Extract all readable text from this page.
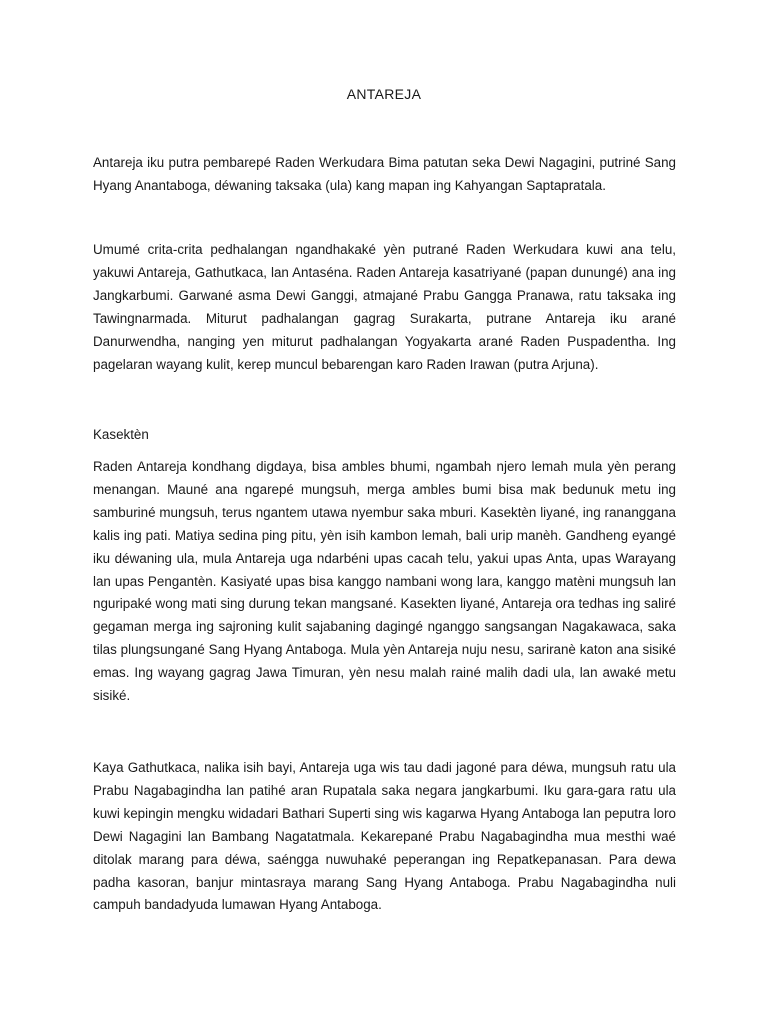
ANTAREJA

Antareja iku putra pembarepé Raden Werkudara Bima patutan seka Dewi Nagagini, putriné Sang Hyang Anantaboga, déwaning taksaka (ula) kang mapan ing Kahyangan Saptapratala.

Umumé crita-crita pedhalangan ngandhakaké yèn putrané Raden Werkudara kuwi ana telu, yakuwi Antareja, Gathutkaca, lan Antaséna. Raden Antareja kasatriyané (papan dunungé) ana ing Jangkarbumi. Garwané asma Dewi Ganggi, atmajané Prabu Gangga Pranawa, ratu taksaka ing Tawingnarmada. Miturut padhalangan gagrag Surakarta, putrane Antareja iku arané Danurwendha, nanging yen miturut padhalangan Yogyakarta arané Raden Puspadentha. Ing pagelaran wayang kulit, kerep muncul bebarengan karo Raden Irawan (putra Arjuna).

Kasektèn

Raden Antareja kondhang digdaya, bisa ambles bhumi, ngambah njero lemah mula yèn perang menangan. Mauné ana ngarepé mungsuh, merga ambles bumi bisa mak bedunuk metu ing samburiné mungsuh, terus ngantem utawa nyembur saka mburi. Kasektèn liyané, ing rananggana kalis ing pati. Matiya sedina ping pitu, yèn isih kambon lemah, bali urip manèh. Gandheng eyangé iku déwaning ula, mula Antareja uga ndarbéni upas cacah telu, yakui upas Anta, upas Warayang lan upas Pengantèn. Kasiyaté upas bisa kanggo nambani wong lara, kanggo matèni mungsuh lan nguripaké wong mati sing durung tekan mangsané. Kasekten liyané, Antareja ora tedhas ing saliré gegaman merga ing sajroning kulit sajabaning dagingé nganggo sangsangan Nagakawaca, saka tilas plungsungané Sang Hyang Antaboga. Mula yèn Antareja nuju nesu, sariranè katon ana sisiké emas. Ing wayang gagrag Jawa Timuran, yèn nesu malah rainé malih dadi ula, lan awaké metu sisiké.

Kaya Gathutkaca, nalika isih bayi, Antareja uga wis tau dadi jagoné para déwa, mungsuh ratu ula Prabu Nagabagindha lan patihé aran Rupatala saka negara jangkarbumi. Iku gara-gara ratu ula kuwi kepingin mengku widadari Bathari Superti sing wis kagarwa Hyang Antaboga lan peputra loro Dewi Nagagini lan Bambang Nagatatmala. Kekarepané Prabu Nagabagindha mua mesthi waé ditolak marang para déwa, saéngga nuwuhaké peperangan ing Repatkepanasan. Para dewa padha kasoran, banjur mintasraya marang Sang Hyang Antaboga. Prabu Nagabagindha nuli campuh bandadyuda lumawan Hyang Antaboga.
